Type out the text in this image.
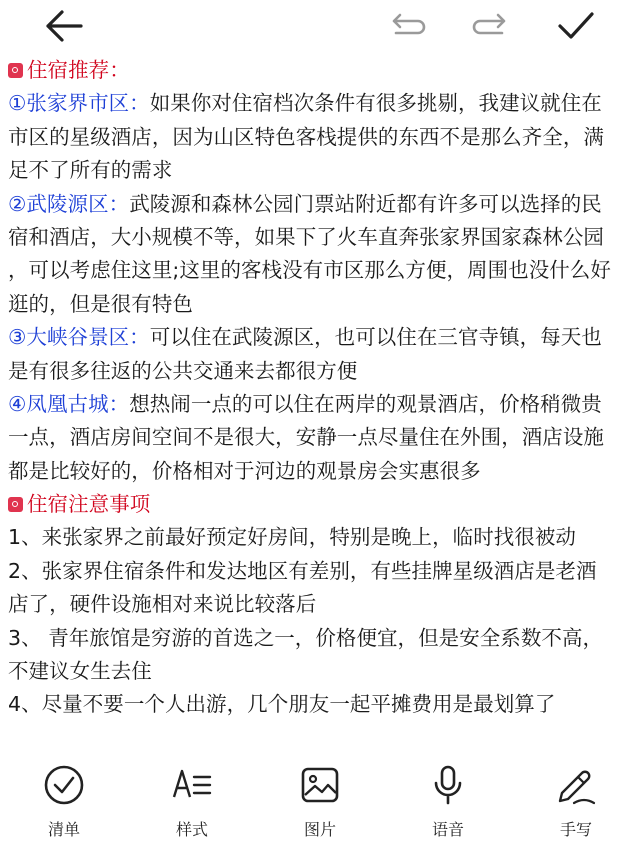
住宿推荐：
①张家界市区：如果你对住宿档次条件有很多挑剔，我建议就住在
市区的星级酒店，因为山区特色客栈提供的东西不是那么齐全，满
足不了所有的需求
②武陵源区：武陵源和森林公园门票站附近都有许多可以选择的民
宿和酒店，大小规模不等，如果下了火车直奔张家界国家森林公园
，可以考虑住这里;这里的客栈没有市区那么方便，周围也没什么好
逛的，但是很有特色
③大峡谷景区：可以住在武陵源区，也可以住在三官寺镇，每天也
是有很多往返的公共交通来去都很方便
④凤凰古城：想热闹一点的可以住在两岸的观景酒店，价格稍微贵
一点，酒店房间空间不是很大，安静一点尽量住在外围，酒店设施
都是比较好的，价格相对于河边的观景房会实惠很多
住宿注意事项
1、来张家界之前最好预定好房间，特别是晚上，临时找很被动
2、张家界住宿条件和发达地区有差别，有些挂牌星级酒店是老酒
店了，硬件设施相对来说比较落后
3、 青年旅馆是穷游的首选之一，价格便宜，但是安全系数不高，
不建议女生去住
4、尽量不要一个人出游，几个朋友一起平摊费用是最划算了
清单	样式	图片	语音	手写
